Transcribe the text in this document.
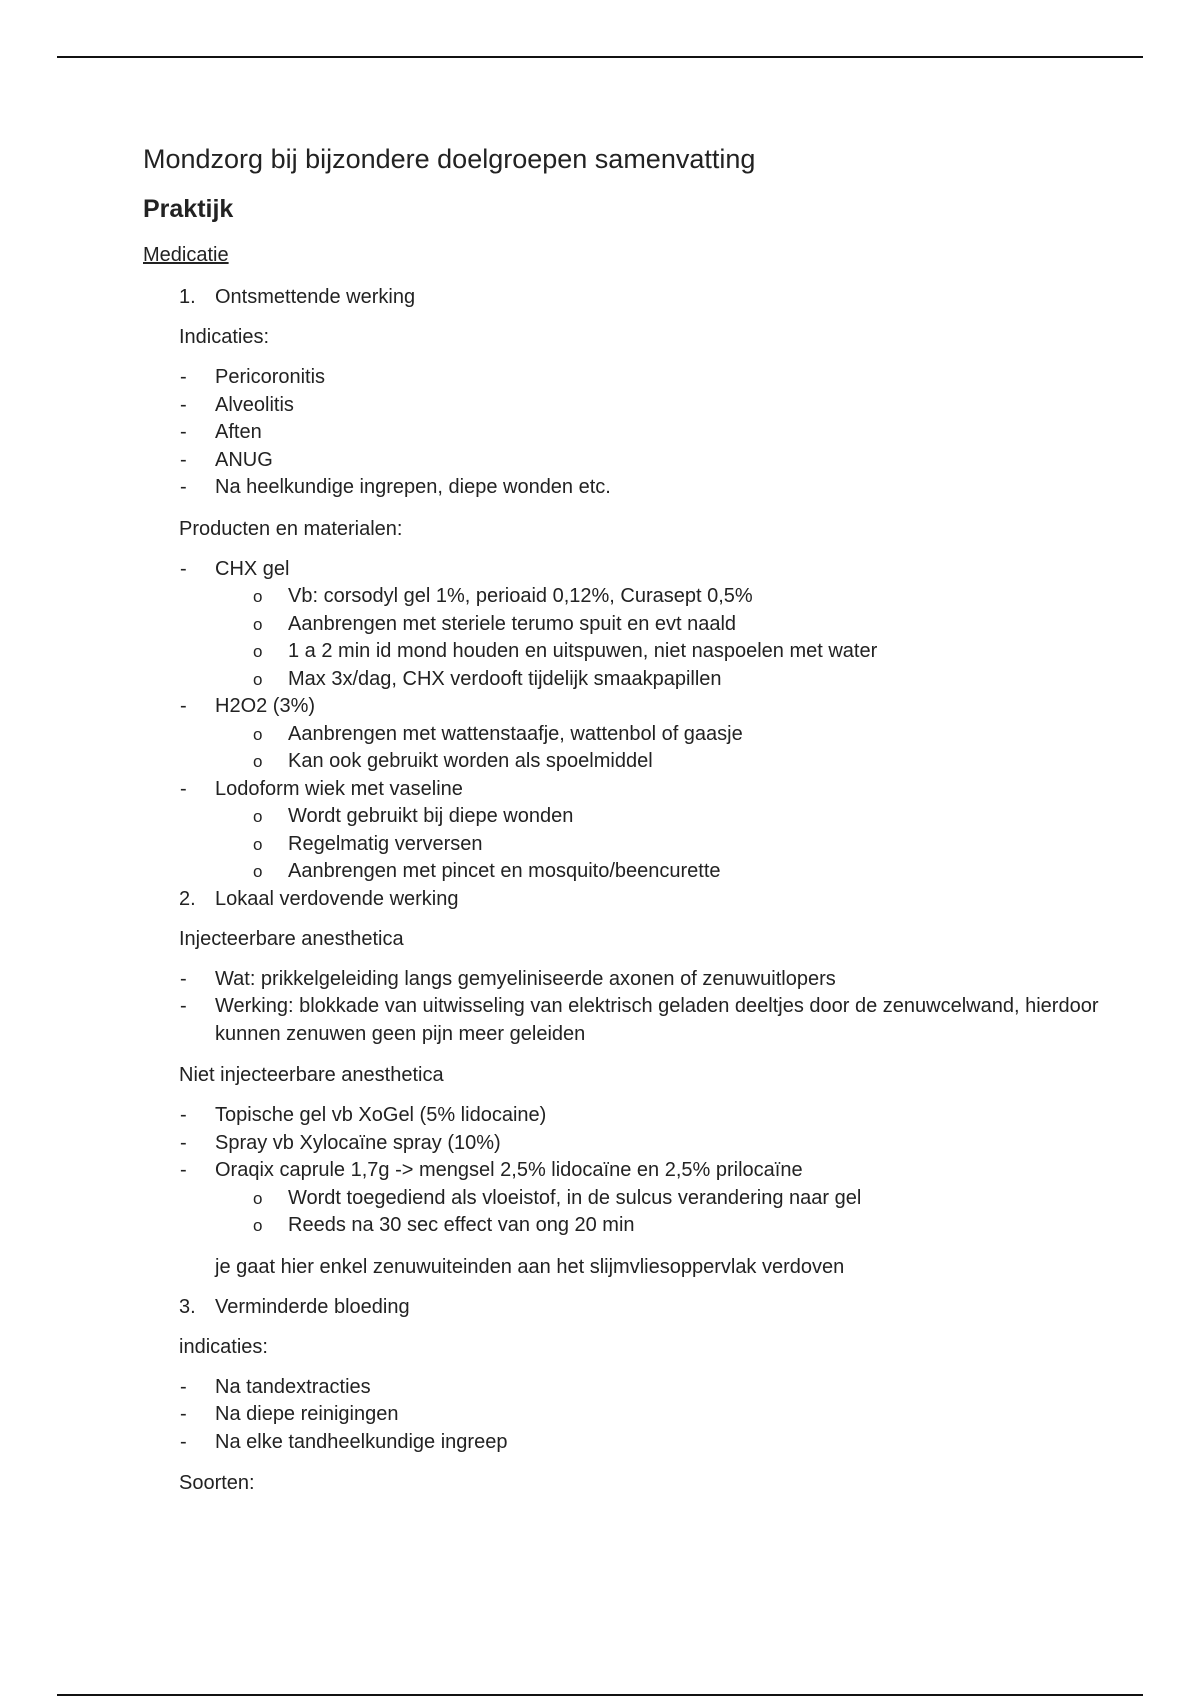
Mondzorg bij bijzondere doelgroepen samenvatting
Praktijk
Medicatie
1. Ontsmettende werking
Indicaties:
- Pericoronitis
- Alveolitis
- Aften
- ANUG
- Na heelkundige ingrepen, diepe wonden etc.
Producten en materialen:
- CHX gel
o Vb: corsodyl gel 1%, perioaid 0,12%, Curasept 0,5%
o Aanbrengen met steriele terumo spuit en evt naald
o 1 a 2 min id mond houden en uitspuwen, niet naspoelen met water
o Max 3x/dag, CHX verdooft tijdelijk smaakpapillen
- H2O2 (3%)
o Aanbrengen met wattenstaafje, wattenbol of gaasje
o Kan ook gebruikt worden als spoelmiddel
- Lodoform wiek met vaseline
o Wordt gebruikt bij diepe wonden
o Regelmatig verversen
o Aanbrengen met pincet en mosquito/beencurette
2. Lokaal verdovende werking
Injecteerbare anesthetica
- Wat: prikkelgeleiding langs gemyeliniseerde axonen of zenuwuitlopers
- Werking: blokkade van uitwisseling van elektrisch geladen deeltjes door de zenuwcelwand, hierdoor kunnen zenuwen geen pijn meer geleiden
Niet injecteerbare anesthetica
- Topische gel vb XoGel (5% lidocaine)
- Spray vb Xylocaïne spray (10%)
- Oraqix caprule 1,7g -> mengsel 2,5% lidocaïne en 2,5% prilocaïne
o Wordt toegediend als vloeistof, in de sulcus verandering naar gel
o Reeds na 30 sec effect van ong 20 min
je gaat hier enkel zenuwuiteinden aan het slijmvliesoppervlak verdoven
3. Verminderde bloeding
indicaties:
- Na tandextracties
- Na diepe reinigingen
- Na elke tandheelkundige ingreep
Soorten:
